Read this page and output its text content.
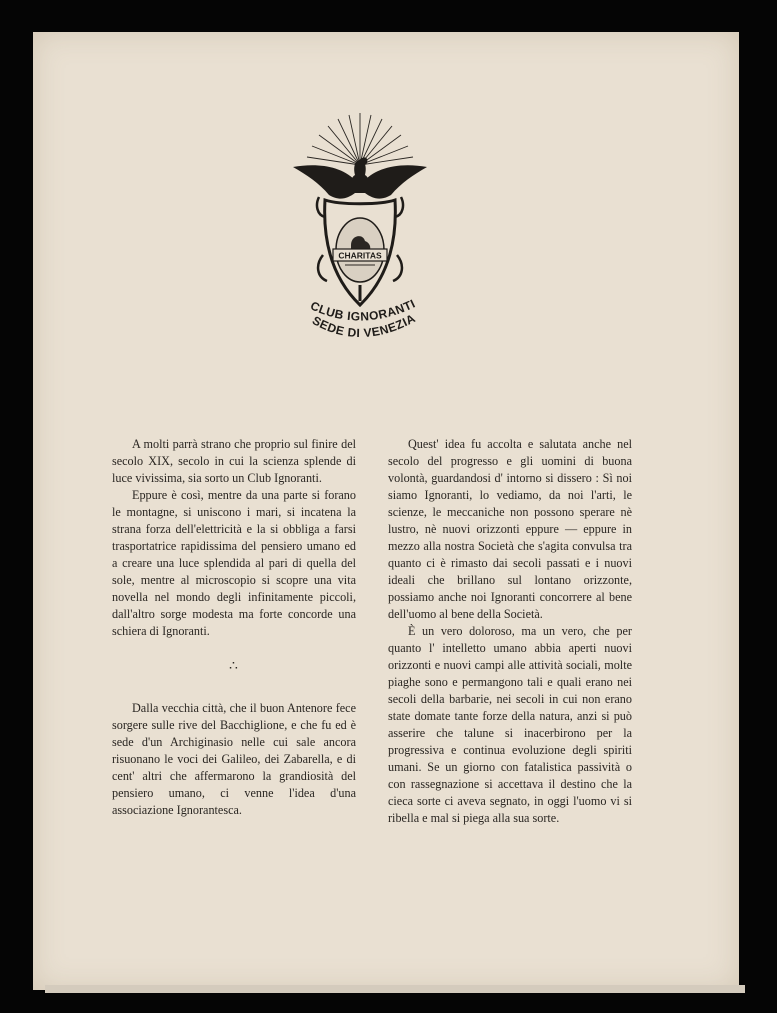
CHARITAS
CLUB IGNORANTI
SEDE DI VENEZIA

A molti parrà strano che proprio sul finire del secolo XIX, secolo in cui la scienza splende di luce vivissima, sia sorto un Club Ignoranti.

Eppure è così, mentre da una parte si forano le montagne, si uniscono i mari, si incatena la strana forza dell'elettricità e la si obbliga a farsi trasportatrice rapidissima del pensiero umano ed a creare una luce splendida al pari di quella del sole, mentre al microscopio si scopre una vita novella nel mondo degli infinitamente piccoli, dall'altro sorge modesta ma forte concorde una schiera di Ignoranti.

∴

Dalla vecchia città, che il buon Antenore fece sorgere sulle rive del Bacchiglione, e che fu ed è sede d'un Archiginasio nelle cui sale ancora risuonano le voci dei Galileo, dei Zabarella, e di cent' altri che affermarono la grandiosità del pensiero umano, ci venne l'idea d'una associazione Ignorantesca.

Quest' idea fu accolta e salutata anche nel secolo del progresso e gli uomini di buona volontà, guardandosi d' intorno si dissero : Sì noi siamo Ignoranti, lo vediamo, da noi l'arti, le scienze, le meccaniche non possono sperare nè lustro, nè nuovi orizzonti eppure — eppure in mezzo alla nostra Società che s'agita convulsa tra quanto ci è rimasto dai secoli passati e i nuovi ideali che brillano sul lontano orizzonte, possiamo anche noi Ignoranti concorrere al bene dell'uomo al bene della Società.

È un vero doloroso, ma un vero, che per quanto l' intelletto umano abbia aperti nuovi orizzonti e nuovi campi alle attività sociali, molte piaghe sono e permangono tali e quali erano nei secoli della barbarie, nei secoli in cui non erano state domate tante forze della natura, anzi si può asserire che talune si inacerbirono per la progressiva e continua evoluzione degli spiriti umani. Se un giorno con fatalistica passività o con rassegnazione si accettava il destino che la cieca sorte ci aveva segnato, in oggi l'uomo vi si ribella e mal si piega alla sua sorte.
